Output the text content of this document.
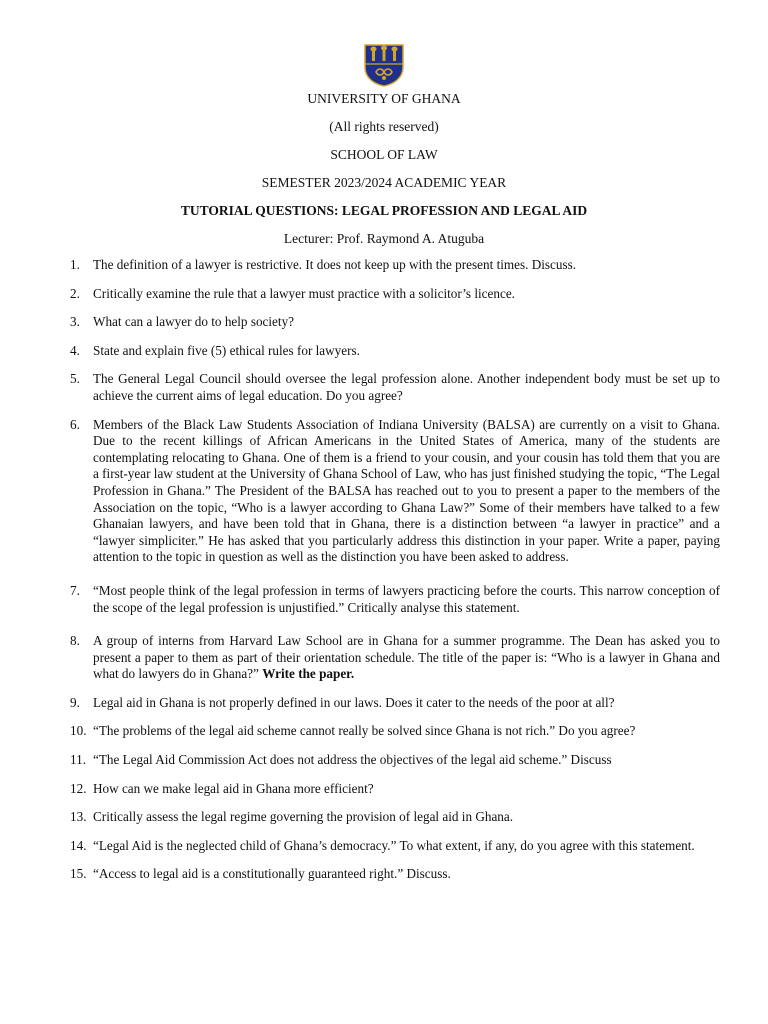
UNIVERSITY OF GHANA
(All rights reserved)
SCHOOL OF LAW
SEMESTER 2023/2024 ACADEMIC YEAR
TUTORIAL QUESTIONS: LEGAL PROFESSION AND LEGAL AID
Lecturer: Prof. Raymond A. Atuguba
1. The definition of a lawyer is restrictive. It does not keep up with the present times. Discuss.
2. Critically examine the rule that a lawyer must practice with a solicitor’s licence.
3. What can a lawyer do to help society?
4. State and explain five (5) ethical rules for lawyers.
5. The General Legal Council should oversee the legal profession alone. Another independent body must be set up to achieve the current aims of legal education. Do you agree?
6. Members of the Black Law Students Association of Indiana University (BALSA) are currently on a visit to Ghana. Due to the recent killings of African Americans in the United States of America, many of the students are contemplating relocating to Ghana. One of them is a friend to your cousin, and your cousin has told them that you are a first-year law student at the University of Ghana School of Law, who has just finished studying the topic, “The Legal Profession in Ghana.” The President of the BALSA has reached out to you to present a paper to the members of the Association on the topic, “Who is a lawyer according to Ghana Law?” Some of their members have talked to a few Ghanaian lawyers, and have been told that in Ghana, there is a distinction between “a lawyer in practice” and a “lawyer simpliciter.” He has asked that you particularly address this distinction in your paper. Write a paper, paying attention to the topic in question as well as the distinction you have been asked to address.
7. “Most people think of the legal profession in terms of lawyers practicing before the courts. This narrow conception of the scope of the legal profession is unjustified.” Critically analyse this statement.
8. A group of interns from Harvard Law School are in Ghana for a summer programme. The Dean has asked you to present a paper to them as part of their orientation schedule. The title of the paper is: “Who is a lawyer in Ghana and what do lawyers do in Ghana?” Write the paper.
9. Legal aid in Ghana is not properly defined in our laws. Does it cater to the needs of the poor at all?
10. “The problems of the legal aid scheme cannot really be solved since Ghana is not rich.” Do you agree?
11. “The Legal Aid Commission Act does not address the objectives of the legal aid scheme.” Discuss
12. How can we make legal aid in Ghana more efficient?
13. Critically assess the legal regime governing the provision of legal aid in Ghana.
14. “Legal Aid is the neglected child of Ghana’s democracy.” To what extent, if any, do you agree with this statement.
15. “Access to legal aid is a constitutionally guaranteed right.” Discuss.
